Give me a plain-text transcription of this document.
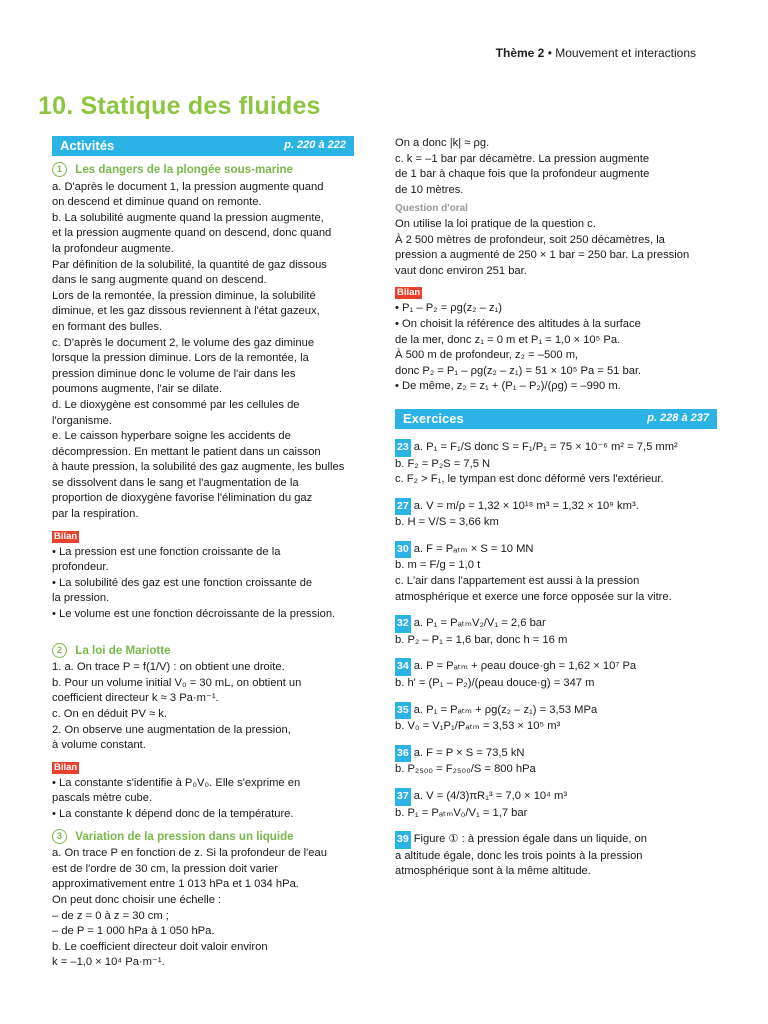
Thème 2 • Mouvement et interactions
10. Statique des fluides
Activités	p. 220 à 222
1 Les dangers de la plongée sous-marine

a. D'après le document 1, la pression augmente quand

on descend et diminue quand on remonte.

b. La solubilité augmente quand la pression augmente,

et la pression augmente quand on descend, donc quand

la profondeur augmente.

Par définition de la solubilité, la quantité de gaz dissous

dans le sang augmente quand on descend.

Lors de la remontée, la pression diminue, la solubilité

diminue, et les gaz dissous reviennent à l'état gazeux,

en formant des bulles.

c. D'après le document 2, le volume des gaz diminue

lorsque la pression diminue. Lors de la remontée, la

pression diminue donc le volume de l'air dans les

poumons augmente, l'air se dilate.

d. Le dioxygène est consommé par les cellules de

l'organisme.

e. Le caisson hyperbare soigne les accidents de

décompression. En mettant le patient dans un caisson

à haute pression, la solubilité des gaz augmente, les bulles

se dissolvent dans le sang et l'augmentation de la

proportion de dioxygène favorise l'élimination du gaz

par la respiration.

Bilan

• La pression est une fonction croissante de la

profondeur.

• La solubilité des gaz est une fonction croissante de

la pression.

• Le volume est une fonction décroissante de la pression.

2 La loi de Mariotte

1. a. On trace P = f(1/V) : on obtient une droite.

b. Pour un volume initial V₀ = 30 mL, on obtient un

coefficient directeur k ≈ 3 Pa·m⁻¹.

c. On en déduit PV ≈ k.

2. On observe une augmentation de la pression,

à volume constant.

Bilan

• La constante s'identifie à P₀V₀. Elle s'exprime en

pascals mètre cube.

• La constante k dépend donc de la température.

3 Variation de la pression dans un liquide

a. On trace P en fonction de z. Si la profondeur de l'eau

est de l'ordre de 30 cm, la pression doit varier

approximativement entre 1 013 hPa et 1 034 hPa.

On peut donc choisir une échelle :

– de z = 0 à z = 30 cm ;

– de P = 1 000 hPa à 1 050 hPa.

b. Le coefficient directeur doit valoir environ

k = –1,0 × 10⁴ Pa·m⁻¹.

On a donc |k| ≈ ρg.

c. k = –1 bar par décamètre. La pression augmente

de 1 bar à chaque fois que la profondeur augmente

de 10 mètres.

Question d'oral

On utilise la loi pratique de la question c.

À 2 500 mètres de profondeur, soit 250 décamètres, la

pression a augmenté de 250 × 1 bar = 250 bar. La pression

vaut donc environ 251 bar.

Bilan

• P₁ – P₂ = ρg(z₂ – z₁)

• On choisit la référence des altitudes à la surface

de la mer, donc z₁ = 0 m et P₁ = 1,0 × 10⁵ Pa.

À 500 m de profondeur, z₂ = –500 m,

donc P₂ = P₁ – ρg(z₂ – z₁) = 51 × 10⁵ Pa = 51 bar.

• De même, z₂ = z₁ + (P₁ – P₂)/(ρg) = –990 m.

Exercices	p. 228 à 237

23 a. P₁ = F₁/S donc S = F₁/P₁ = 75 × 10⁻⁶ m² = 7,5 mm²

b. F₂ = P₂S = 7,5 N

c. F₂ > F₁, le tympan est donc déformé vers l'extérieur.

27 a. V = m/ρ = 1,32 × 10¹⁸ m³ = 1,32 × 10⁹ km³.

b. H = V/S = 3,66 km

30 a. F = Pₐₜₘ × S = 10 MN

b. m = F/g = 1,0 t

c. L'air dans l'appartement est aussi à la pression

atmosphérique et exerce une force opposée sur la vitre.

32 a. P₁ = PₐₜₘV₂/V₁ = 2,6 bar

b. P₂ – P₁ = 1,6 bar, donc h = 16 m

34 a. P = Pₐₜₘ + ρeau douce·gh = 1,62 × 10⁷ Pa

b. h' = (P₁ – P₂)/(ρeau douce·g) = 347 m

35 a. P₁ = Pₐₜₘ + ρg(z₂ – z₁) = 3,53 MPa

b. V₀ = V₁P₁/Pₐₜₘ = 3,53 × 10⁵ m³

36 a. F = P × S = 73,5 kN

b. P₂₅₀₀ = F₂₅₀₀/S = 800 hPa

37 a. V = (4/3)πR₁³ = 7,0 × 10⁴ m³

b. P₁ = PₐₜₘV₀/V₁ = 1,7 bar

39 Figure ① : à pression égale dans un liquide, on

a altitude égale, donc les trois points à la pression

atmosphérique sont à la même altitude.
